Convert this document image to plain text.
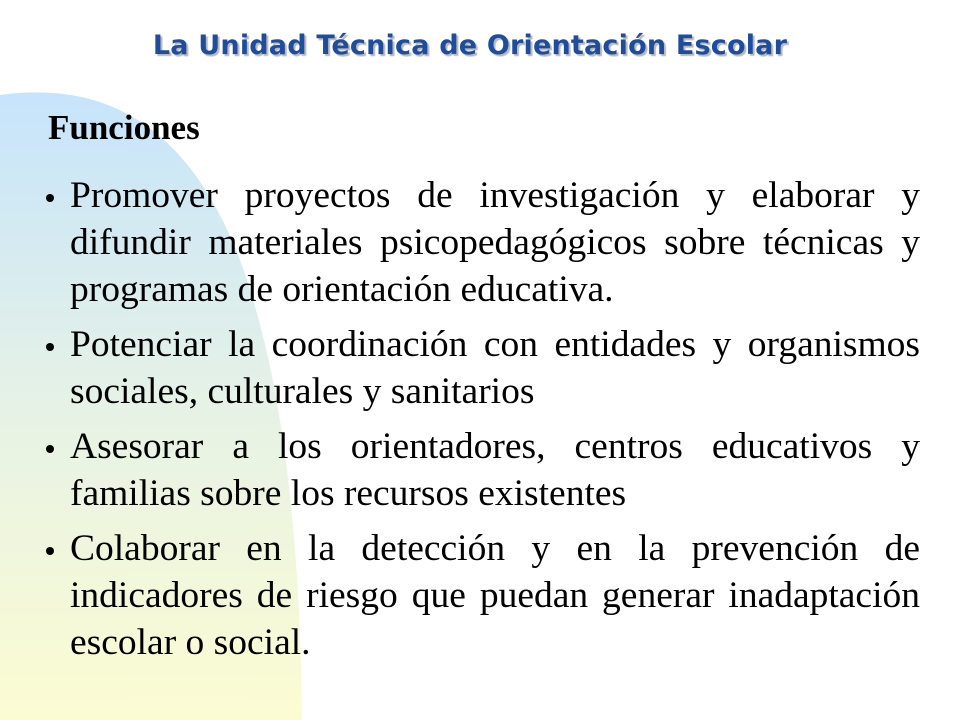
La Unidad Técnica de Orientación Escolar
Funciones
Promover proyectos de investigación y elaborar y difundir materiales psicopedagógicos sobre técnicas y programas de orientación educativa.
Potenciar la coordinación con entidades y organismos sociales, culturales y sanitarios
Asesorar a los orientadores, centros educativos y familias sobre los recursos existentes
Colaborar en la detección y en la prevención de indicadores de riesgo que puedan generar inadaptación escolar o social.
